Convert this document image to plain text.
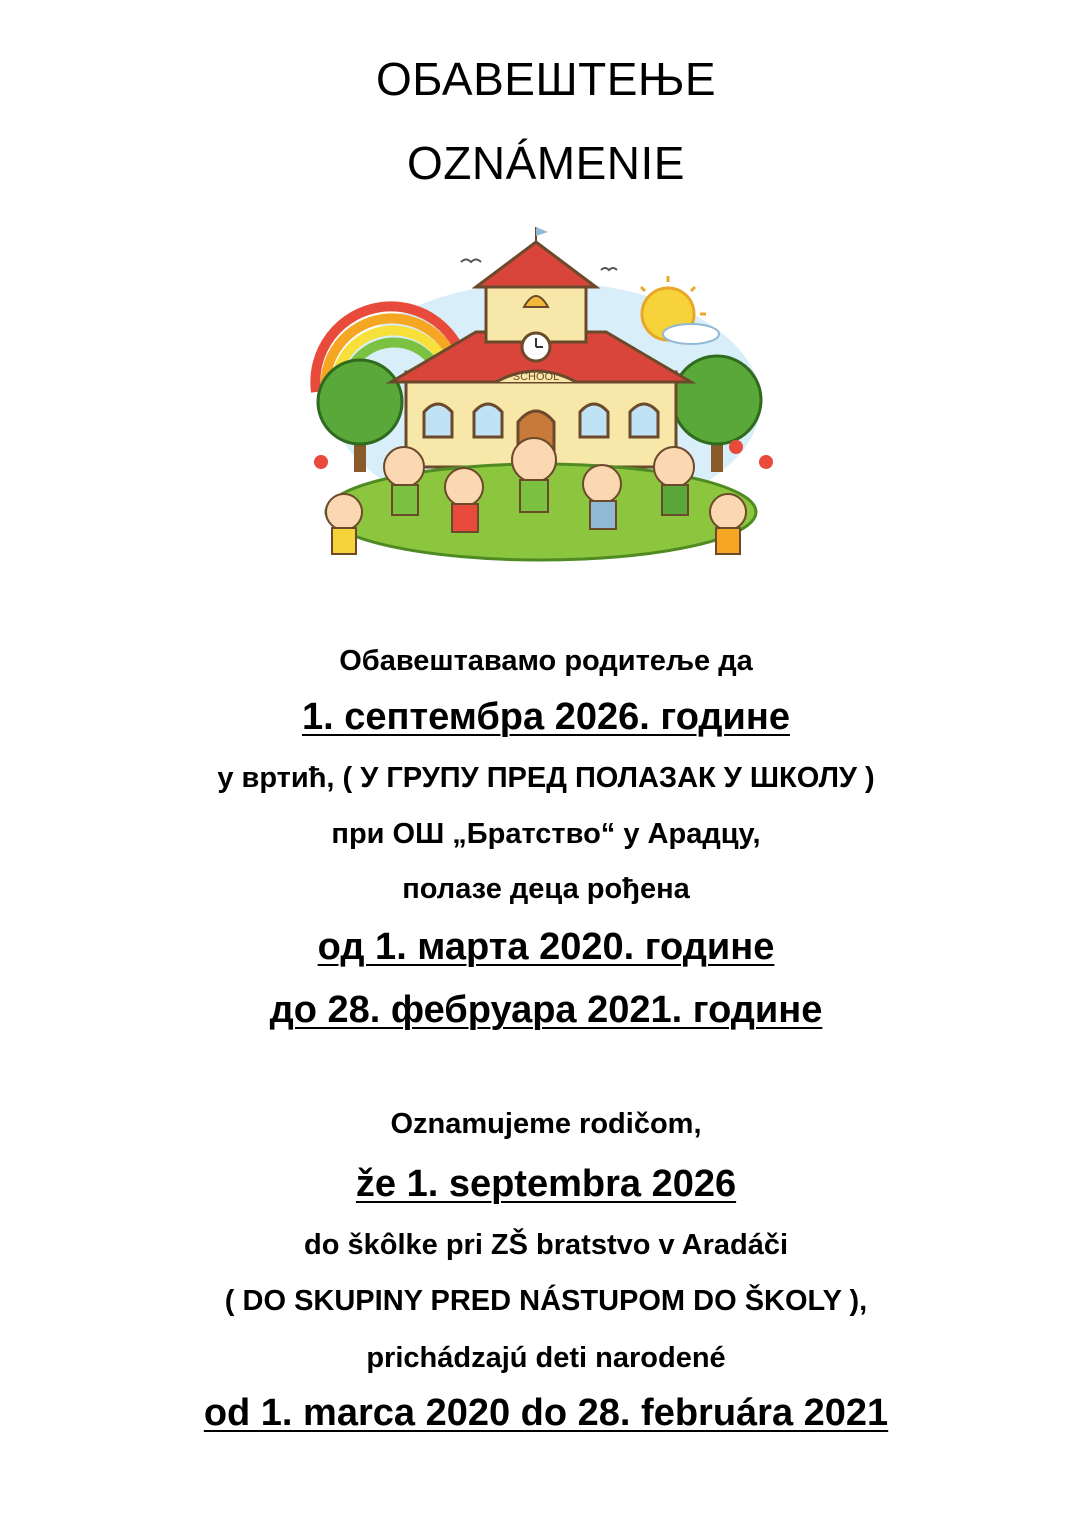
ОБАВЕШТЕЊЕ
OZNÁMENIE
SCHOOL
Обавештавамо родитеље да
1. септембра 2026. године
у вртић, ( У ГРУПУ ПРЕД ПОЛАЗАК У ШКОЛУ )
при ОШ „Братство“ у Арадцу,
полазе деца рођена
од 1. марта 2020. године
до 28. фебруара 2021. године
Oznamujeme rodičom,
že 1. septembra 2026
do škôlke pri ZŠ bratstvo v Aradáči
( DO SKUPINY PRED NÁSTUPOM DO ŠKOLY ),
prichádzajú deti narodené
od 1. marca 2020 do 28. februára 2021
